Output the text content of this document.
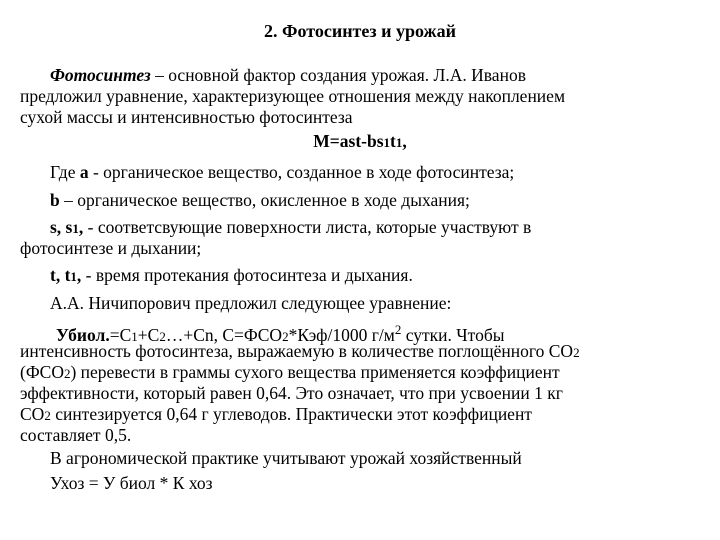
2. Фотосинтез и урожай
Фотосинтез – основной фактор создания урожая. Л.А. Иванов
предложил уравнение, характеризующее отношения между накоплением
сухой массы и интенсивностью фотосинтеза
M=ast-bs1t1,
Где a - органическое вещество, созданное в ходе фотосинтеза;
b – органическое вещество, окисленное в ходе дыхания;
s, s1, - соответсвующие поверхности листа, которые участвуют в
фотосинтезе и дыхании;
t, t1, - время протекания фотосинтеза и дыхания.
А.А. Ничипорович предложил следующее уравнение:
Убиол.=С1+С2…+Сn, С=ФСО2*Кэф/1000 $г/м^2$ сутки. Чтобы
интенсивность фотосинтеза, выражаемую в количестве поглощённого СО2
(ФСО2) перевести в граммы сухого вещества применяется коэффициент
эффективности, который равен 0,64. Это означает, что при усвоении 1 кг
СО2 синтезируется 0,64 г углеводов. Практически этот коэффициент
составляет 0,5.
В агрономической практике учитывают урожай хозяйственный
Ухоз = У биол * К хоз
